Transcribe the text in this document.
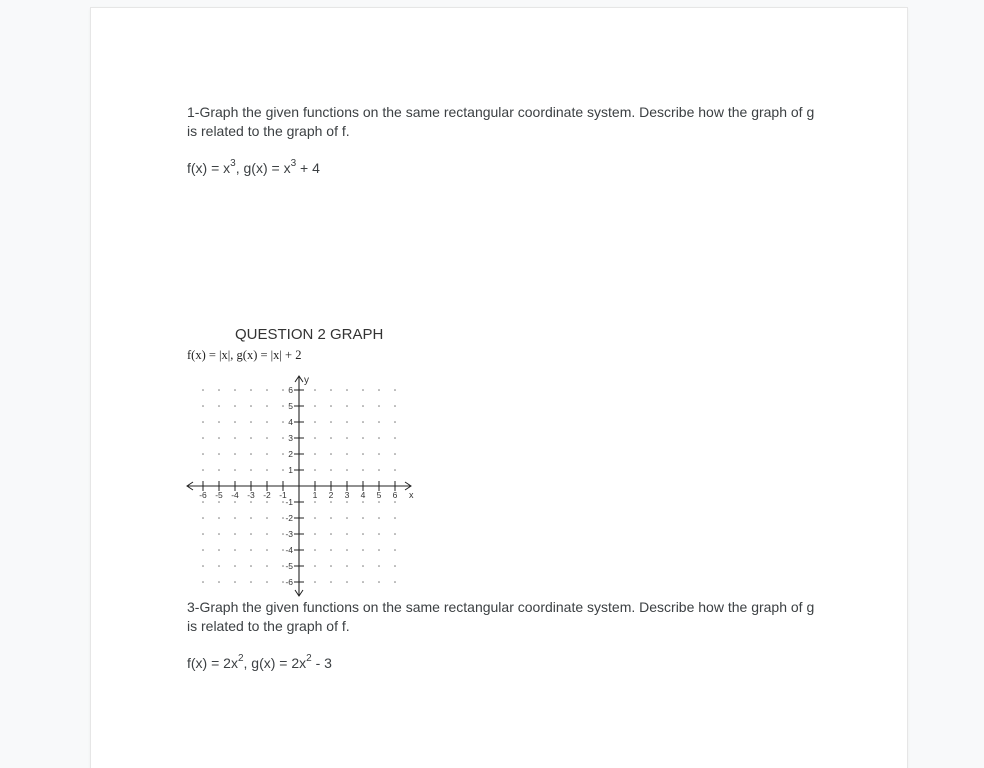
1-Graph the given functions on the same rectangular coordinate system. Describe how the graph of g is related to the graph of f.
$f(x) = x^3$, $g(x) = x^3 + 4$
QUESTION 2 GRAPH
f(x) = |x|, g(x) = |x| + 2
-6 -5 -4 -3 -2 -1	1 2 3 4 5 6
6
5
4
3
2
1
-1
-2
-3
-4
-5
-6
x
y
3-Graph the given functions on the same rectangular coordinate system. Describe how the graph of g is related to the graph of f.
$f(x) = 2x^2$, $g(x) = 2x^2 - 3$
